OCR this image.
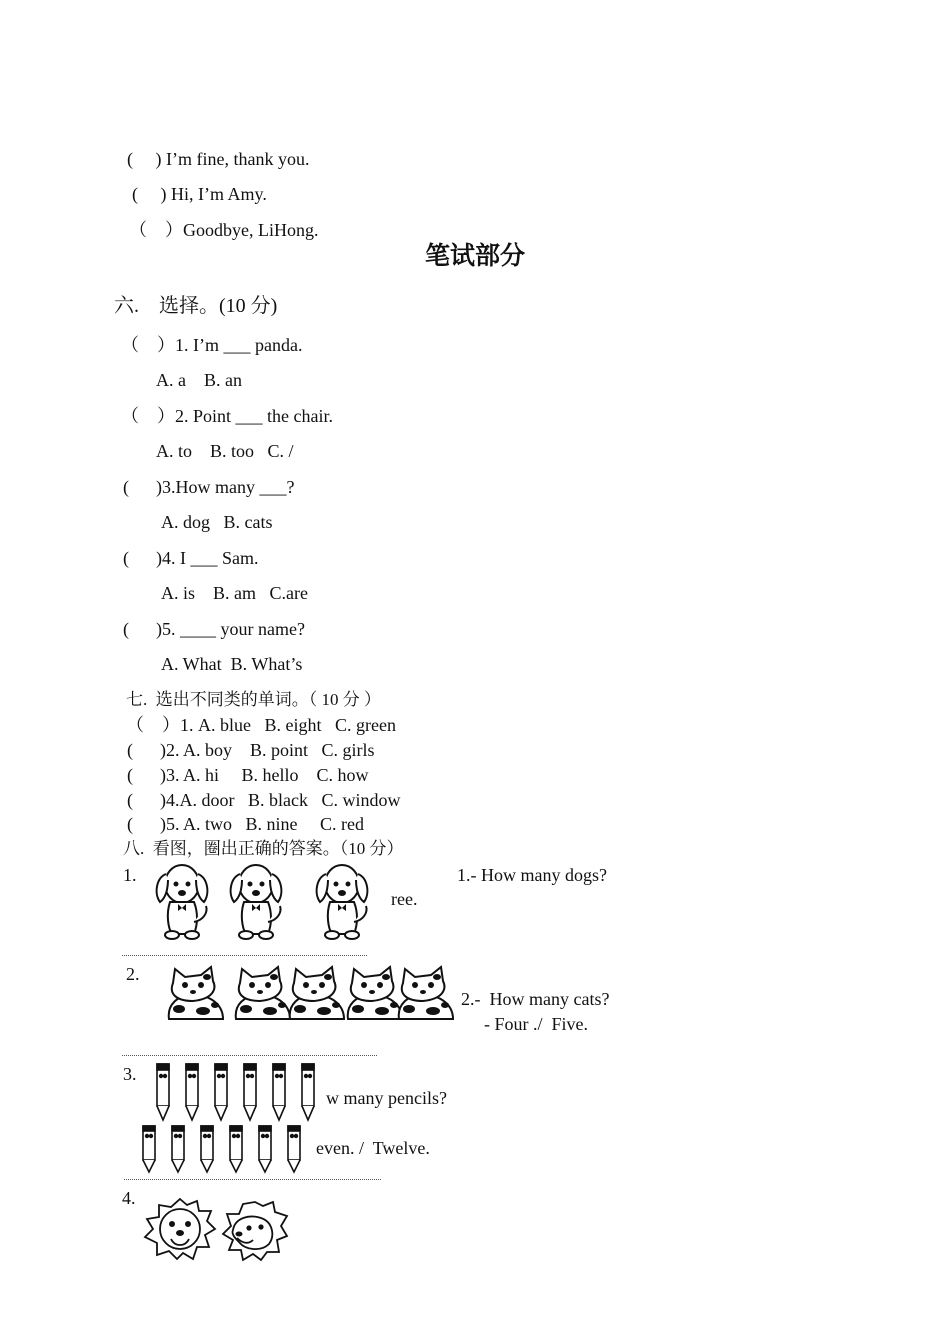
(     ) I’m fine, thank you.

(     ) Hi, I’m Amy.

（    ）Goodbye, LiHong.

笔试部分
六.    选择。(10 分)
（    ）1. I’m ___ panda.
A. a    B. an
（    ）2. Point ___ the chair.
A. to    B. too   C. /
(      )3.How many ___?
A. dog   B. cats
(      )4. I ___ Sam.
A. is    B. am   C.are
(      )5. ____ your name?
A. What  B. What’s
七.  选出不同类的单词。（ 10 分 ）
（    ）1. A. blue   B. eight   C. green
(      )2. A. boy    B. point   C. girls
(      )3. A. hi     B. hello    C. how
(      )4.A. door   B. black   C. window
(      )5. A. two   B. nine     C. red
八.  看图，圈出正确的答案。（10 分）
1.
ree.
1.- How many dogs?
2.
2.-  How many cats?
- Four ./  Five.
3.
w many pencils?
even. /  Twelve.
4.
